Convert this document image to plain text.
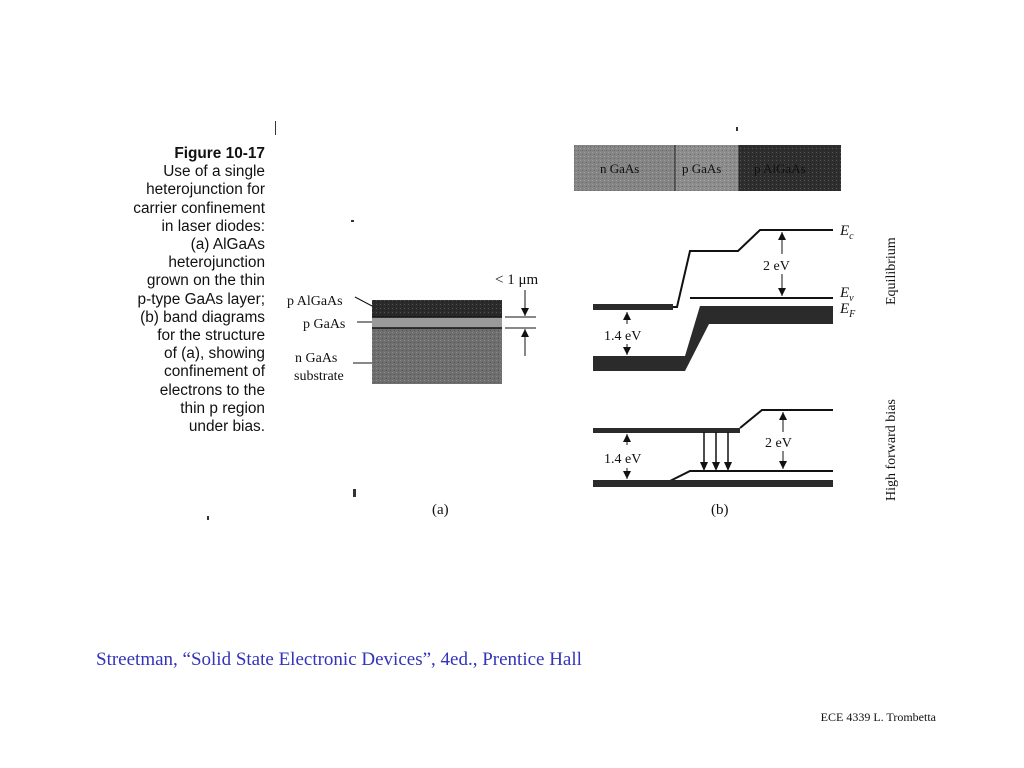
Figure 10-17
Use of a single
heterojunction for
carrier confinement
in laser diodes:
(a) AlGaAs
heterojunction
grown on the thin
p-type GaAs layer;
(b) band diagrams
for the structure
of (a), showing
confinement of
electrons to the
thin p region
under bias.
p AlGaAs
p GaAs
n GaAs
substrate
< 1 μm
(a)
n GaAs	p GaAs	p AlGaAs
1.4 eV
2 eV
$E_c$
$E_v$
$E_F$
Equilibrium
1.4 eV
2 eV	High forward bias
(b)
Streetman, “Solid State Electronic Devices”, 4ed., Prentice Hall
ECE 4339 L. Trombetta
